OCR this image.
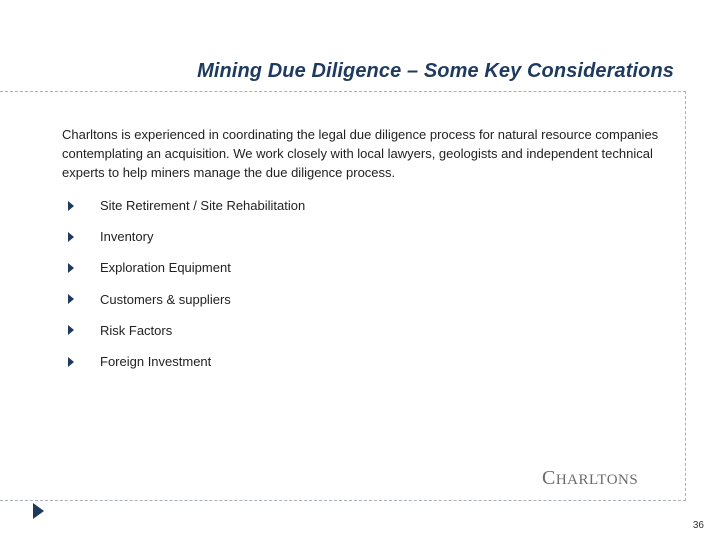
Mining Due Diligence – Some Key Considerations

Charltons is experienced in coordinating the legal due diligence process for natural resource companies contemplating an acquisition. We work closely with local lawyers, geologists and independent technical experts to help miners manage the due diligence process.

Site Retirement / Site Rehabilitation
Inventory
Exploration Equipment
Customers & suppliers
Risk Factors
Foreign Investment
CHARLTONS
36
